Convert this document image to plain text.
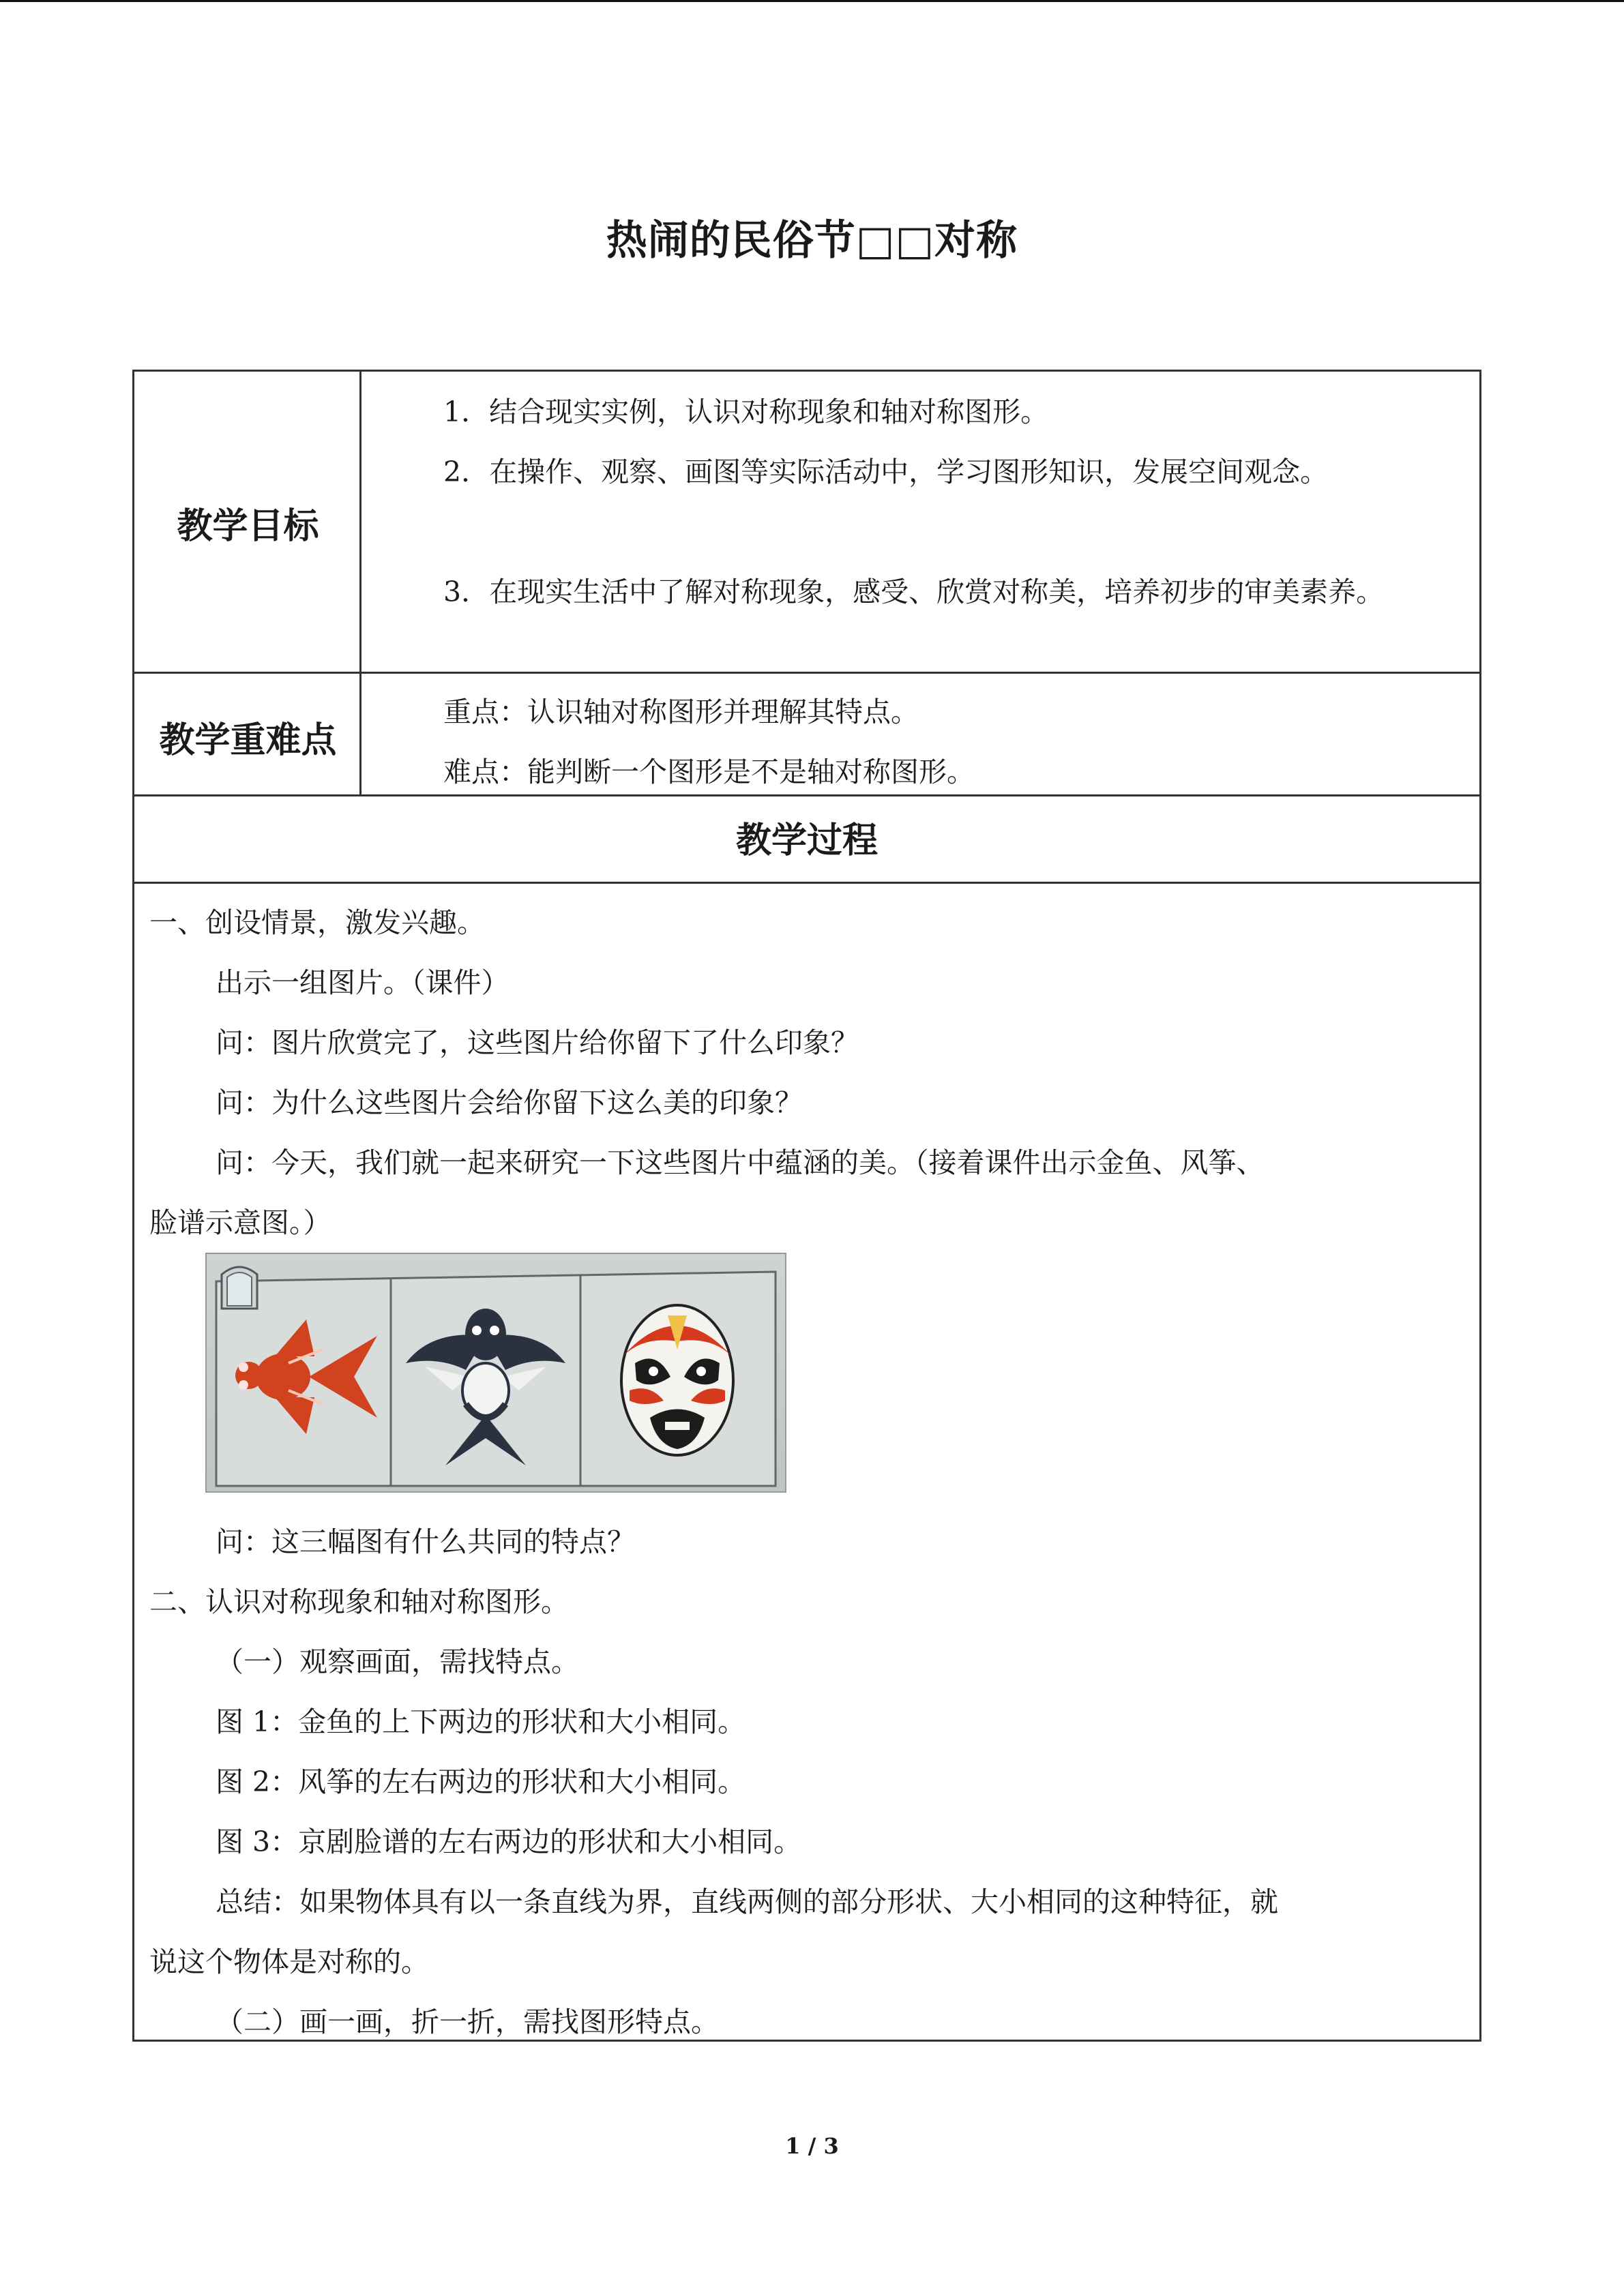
热闹的民俗节□□对称
教学目标

1．结合现实实例，认识对称现象和轴对称图形。

2．在操作、观察、画图等实际活动中，学习图形知识，发展空间观念。

3．在现实生活中了解对称现象，感受、欣赏对称美，培养初步的审美素养。

教学重难点

重点：认识轴对称图形并理解其特点。

难点：能判断一个图形是不是轴对称图形。

教学过程
一、创设情景，激发兴趣。
出示一组图片。（课件）
问：图片欣赏完了，这些图片给你留下了什么印象？
问：为什么这些图片会给你留下这么美的印象？
问：今天，我们就一起来研究一下这些图片中蕴涵的美。（接着课件出示金鱼、风筝、
脸谱示意图。）
问：这三幅图有什么共同的特点？
二、认识对称现象和轴对称图形。
（一）观察画面，需找特点。
图 1：金鱼的上下两边的形状和大小相同。
图 2：风筝的左右两边的形状和大小相同。
图 3：京剧脸谱的左右两边的形状和大小相同。
总结：如果物体具有以一条直线为界，直线两侧的部分形状、大小相同的这种特征，就
说这个物体是对称的。
（二）画一画，折一折，需找图形特点。
1 / 3
